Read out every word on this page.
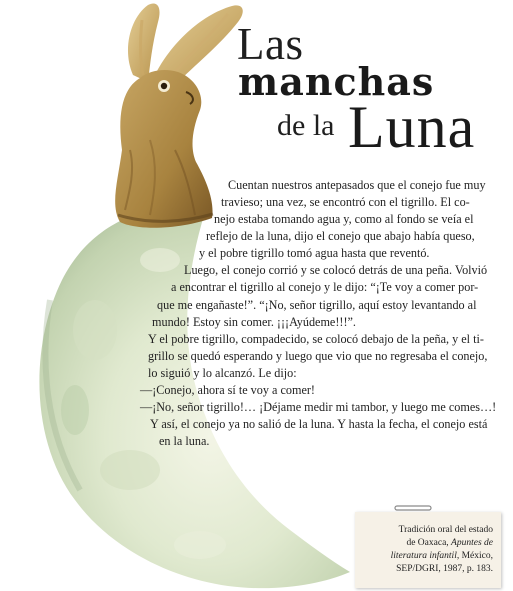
Las
manchas
de la Luna
Cuentan nuestros antepasados que el conejo fue muy
travieso; una vez, se encontró con el tigrillo. El co-
nejo estaba tomando agua y, como al fondo se veía el
reflejo de la luna, dijo el conejo que abajo había queso,
y el pobre tigrillo tomó agua hasta que reventó.
Luego, el conejo corrió y se colocó detrás de una peña. Volvió
a encontrar el tigrillo al conejo y le dijo: “¡Te voy a comer por-
que me engañaste!”. “¡No, señor tigrillo, aquí estoy levantando al
mundo! Estoy sin comer. ¡¡¡Ayúdeme!!!”.
Y el pobre tigrillo, compadecido, se colocó debajo de la peña, y el ti-
grillo se quedó esperando y luego que vio que no regresaba el conejo,
lo siguió y lo alcanzó. Le dijo:
—¡Conejo, ahora sí te voy a comer!
—¡No, señor tigrillo!… ¡Déjame medir mi tambor, y luego me comes…!
Y así, el conejo ya no salió de la luna. Y hasta la fecha, el conejo está
en la luna.
Tradición oral del estado
de Oaxaca, Apuntes de
literatura infantil, México,
SEP/DGRI, 1987, p. 183.
